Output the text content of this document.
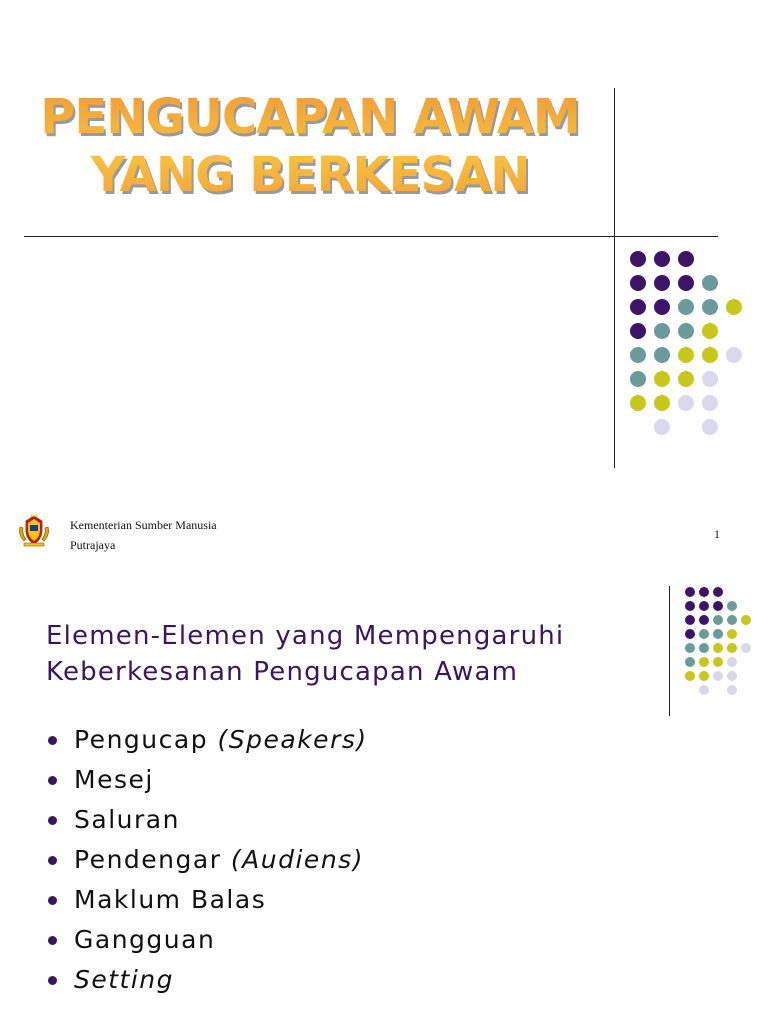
PENGUCAPAN AWAM
YANG BERKESAN
Kementerian Sumber Manusia
Putrajaya
1
Elemen-Elemen yang Mempengaruhi
Keberkesanan Pengucapan Awam
Pengucap (Speakers)
Mesej
Saluran
Pendengar (Audiens)
Maklum Balas
Gangguan
Setting
